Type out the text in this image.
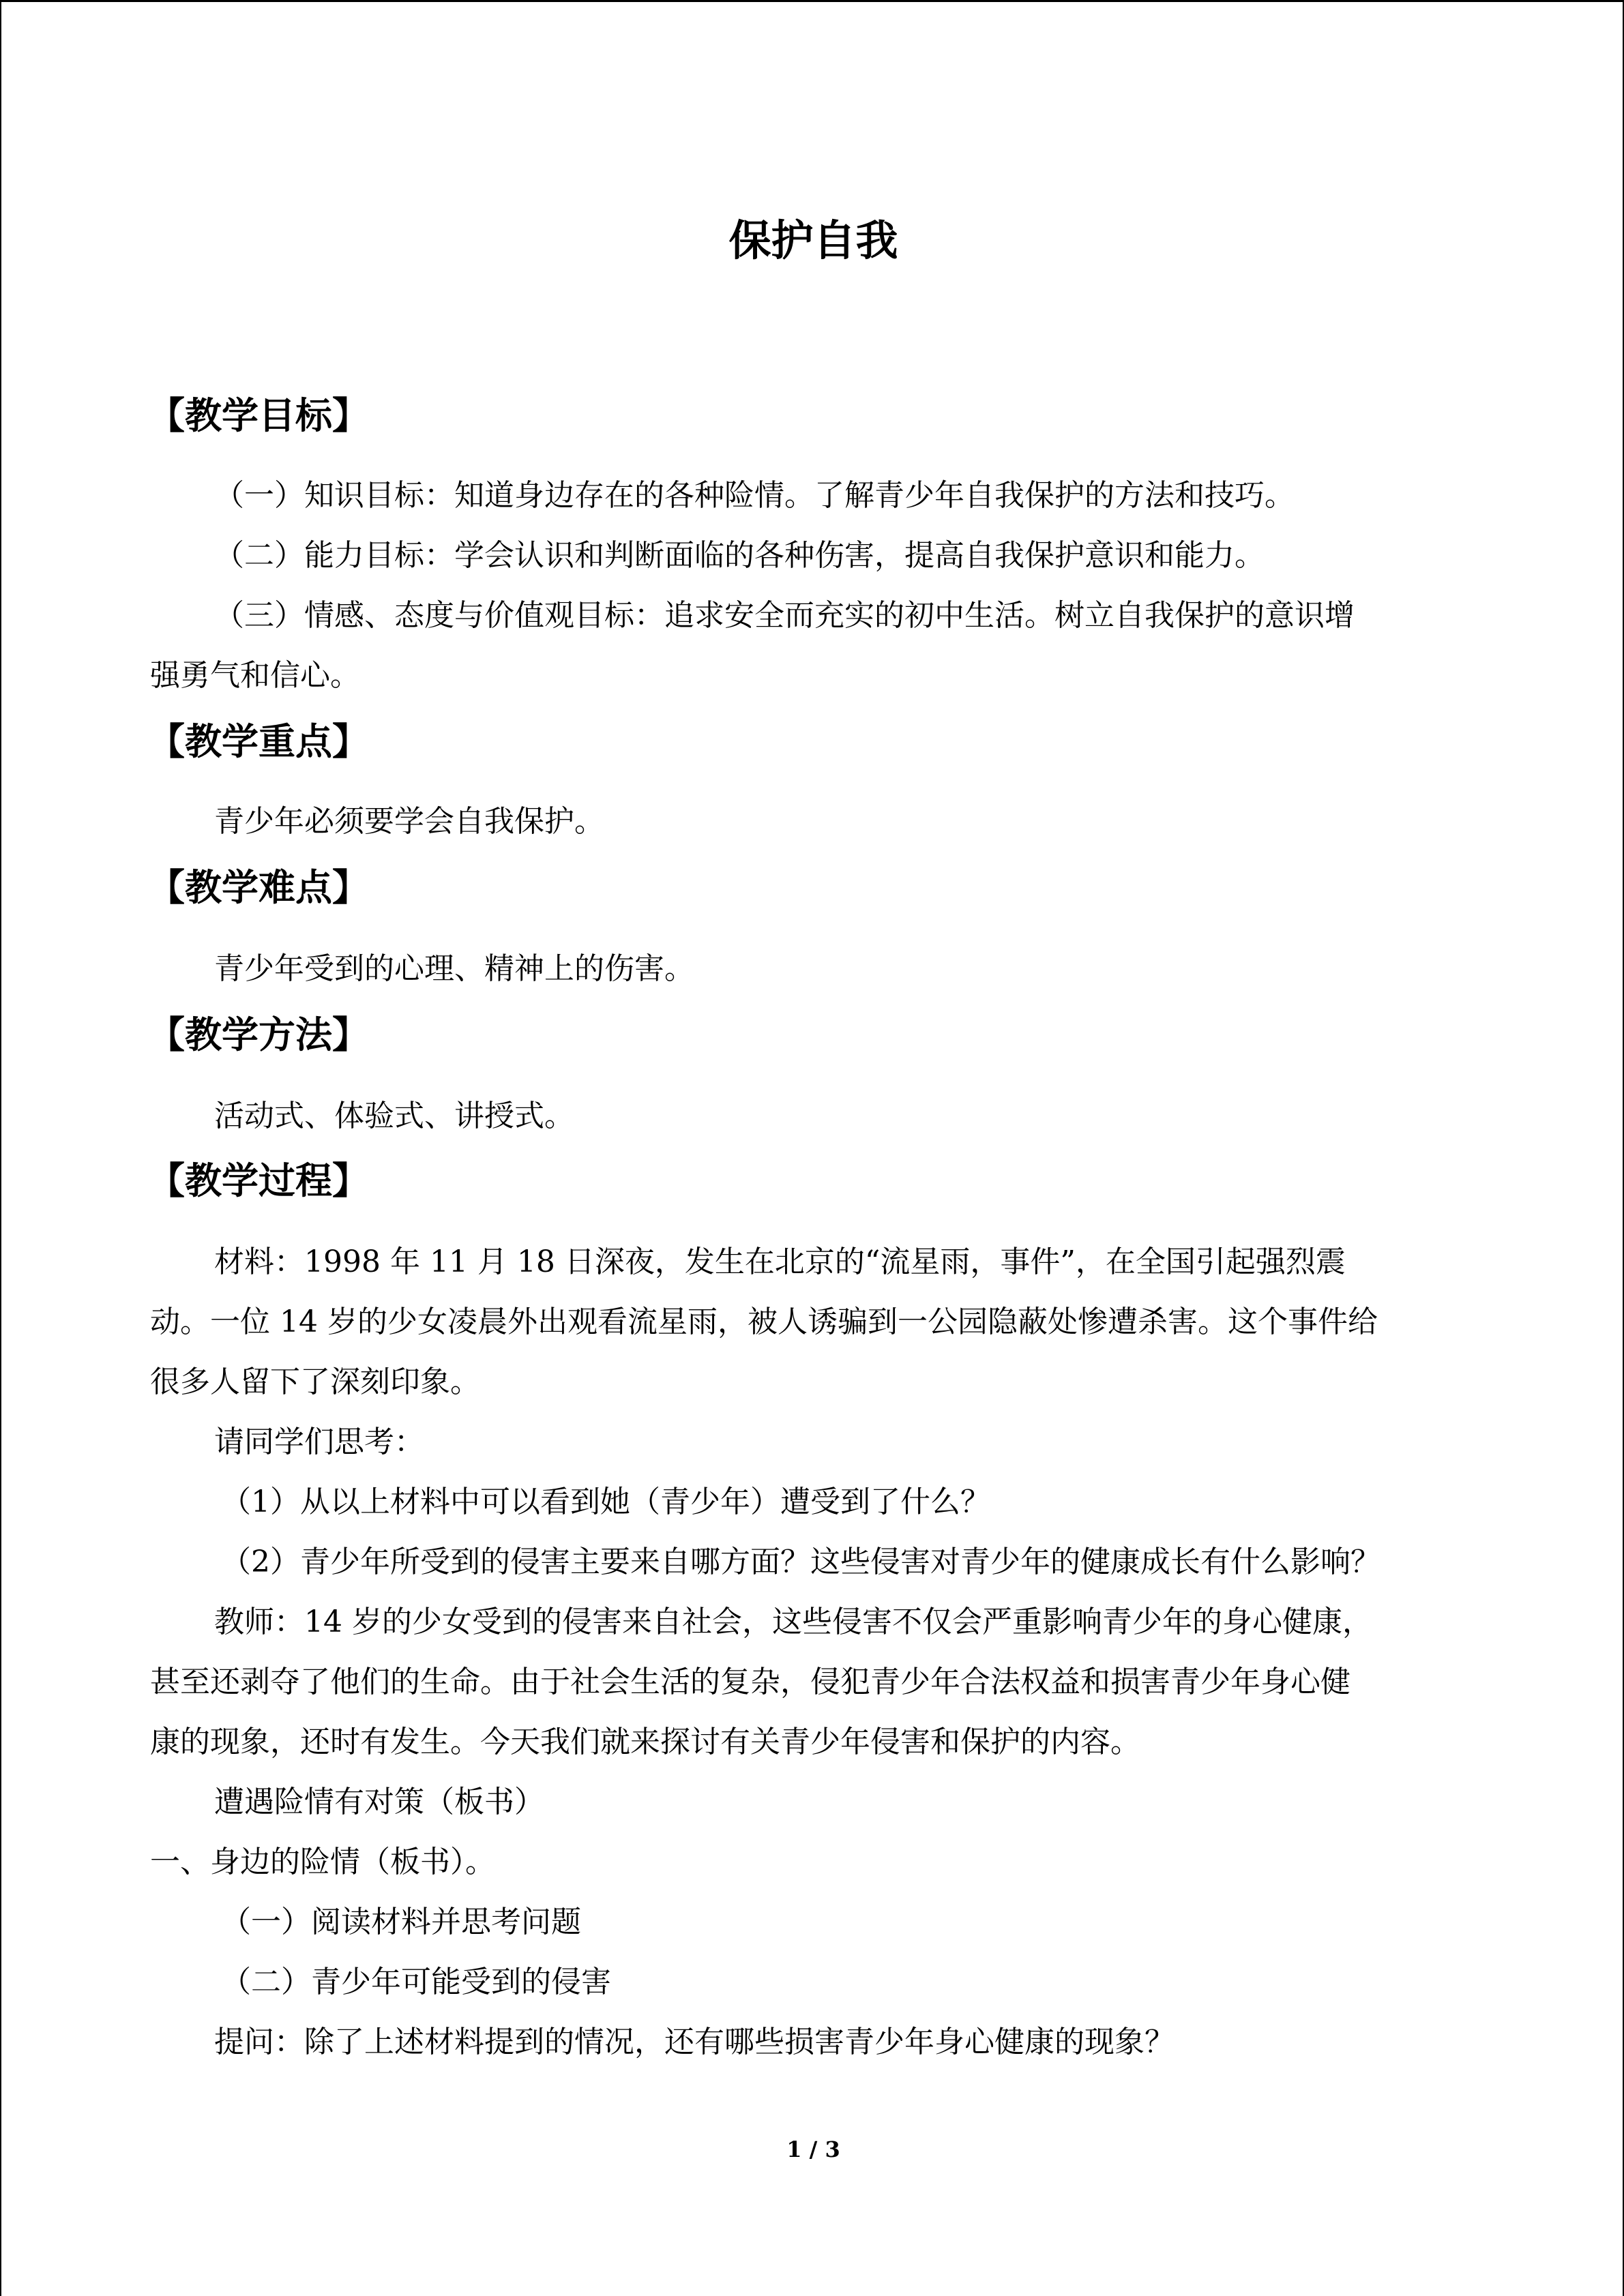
保护自我
【教学目标】
（一）知识目标：知道身边存在的各种险情。了解青少年自我保护的方法和技巧。
（二）能力目标：学会认识和判断面临的各种伤害，提高自我保护意识和能力。
（三）情感、态度与价值观目标：追求安全而充实的初中生活。树立自我保护的意识增
强勇气和信心。
【教学重点】
青少年必须要学会自我保护。
【教学难点】
青少年受到的心理、精神上的伤害。
【教学方法】
活动式、体验式、讲授式。
【教学过程】
材料：1998 年 11 月 18 日深夜，发生在北京的“流星雨，事件”，在全国引起强烈震
动。一位 14 岁的少女凌晨外出观看流星雨，被人诱骗到一公园隐蔽处惨遭杀害。这个事件给
很多人留下了深刻印象。
请同学们思考：
（1）从以上材料中可以看到她（青少年）遭受到了什么？
（2）青少年所受到的侵害主要来自哪方面？这些侵害对青少年的健康成长有什么影响？
教师：14 岁的少女受到的侵害来自社会，这些侵害不仅会严重影响青少年的身心健康，
甚至还剥夺了他们的生命。由于社会生活的复杂，侵犯青少年合法权益和损害青少年身心健
康的现象，还时有发生。今天我们就来探讨有关青少年侵害和保护的内容。
遭遇险情有对策（板书）
一、身边的险情（板书）。
（一）阅读材料并思考问题
（二）青少年可能受到的侵害
提问：除了上述材料提到的情况，还有哪些损害青少年身心健康的现象？
1 / 3
